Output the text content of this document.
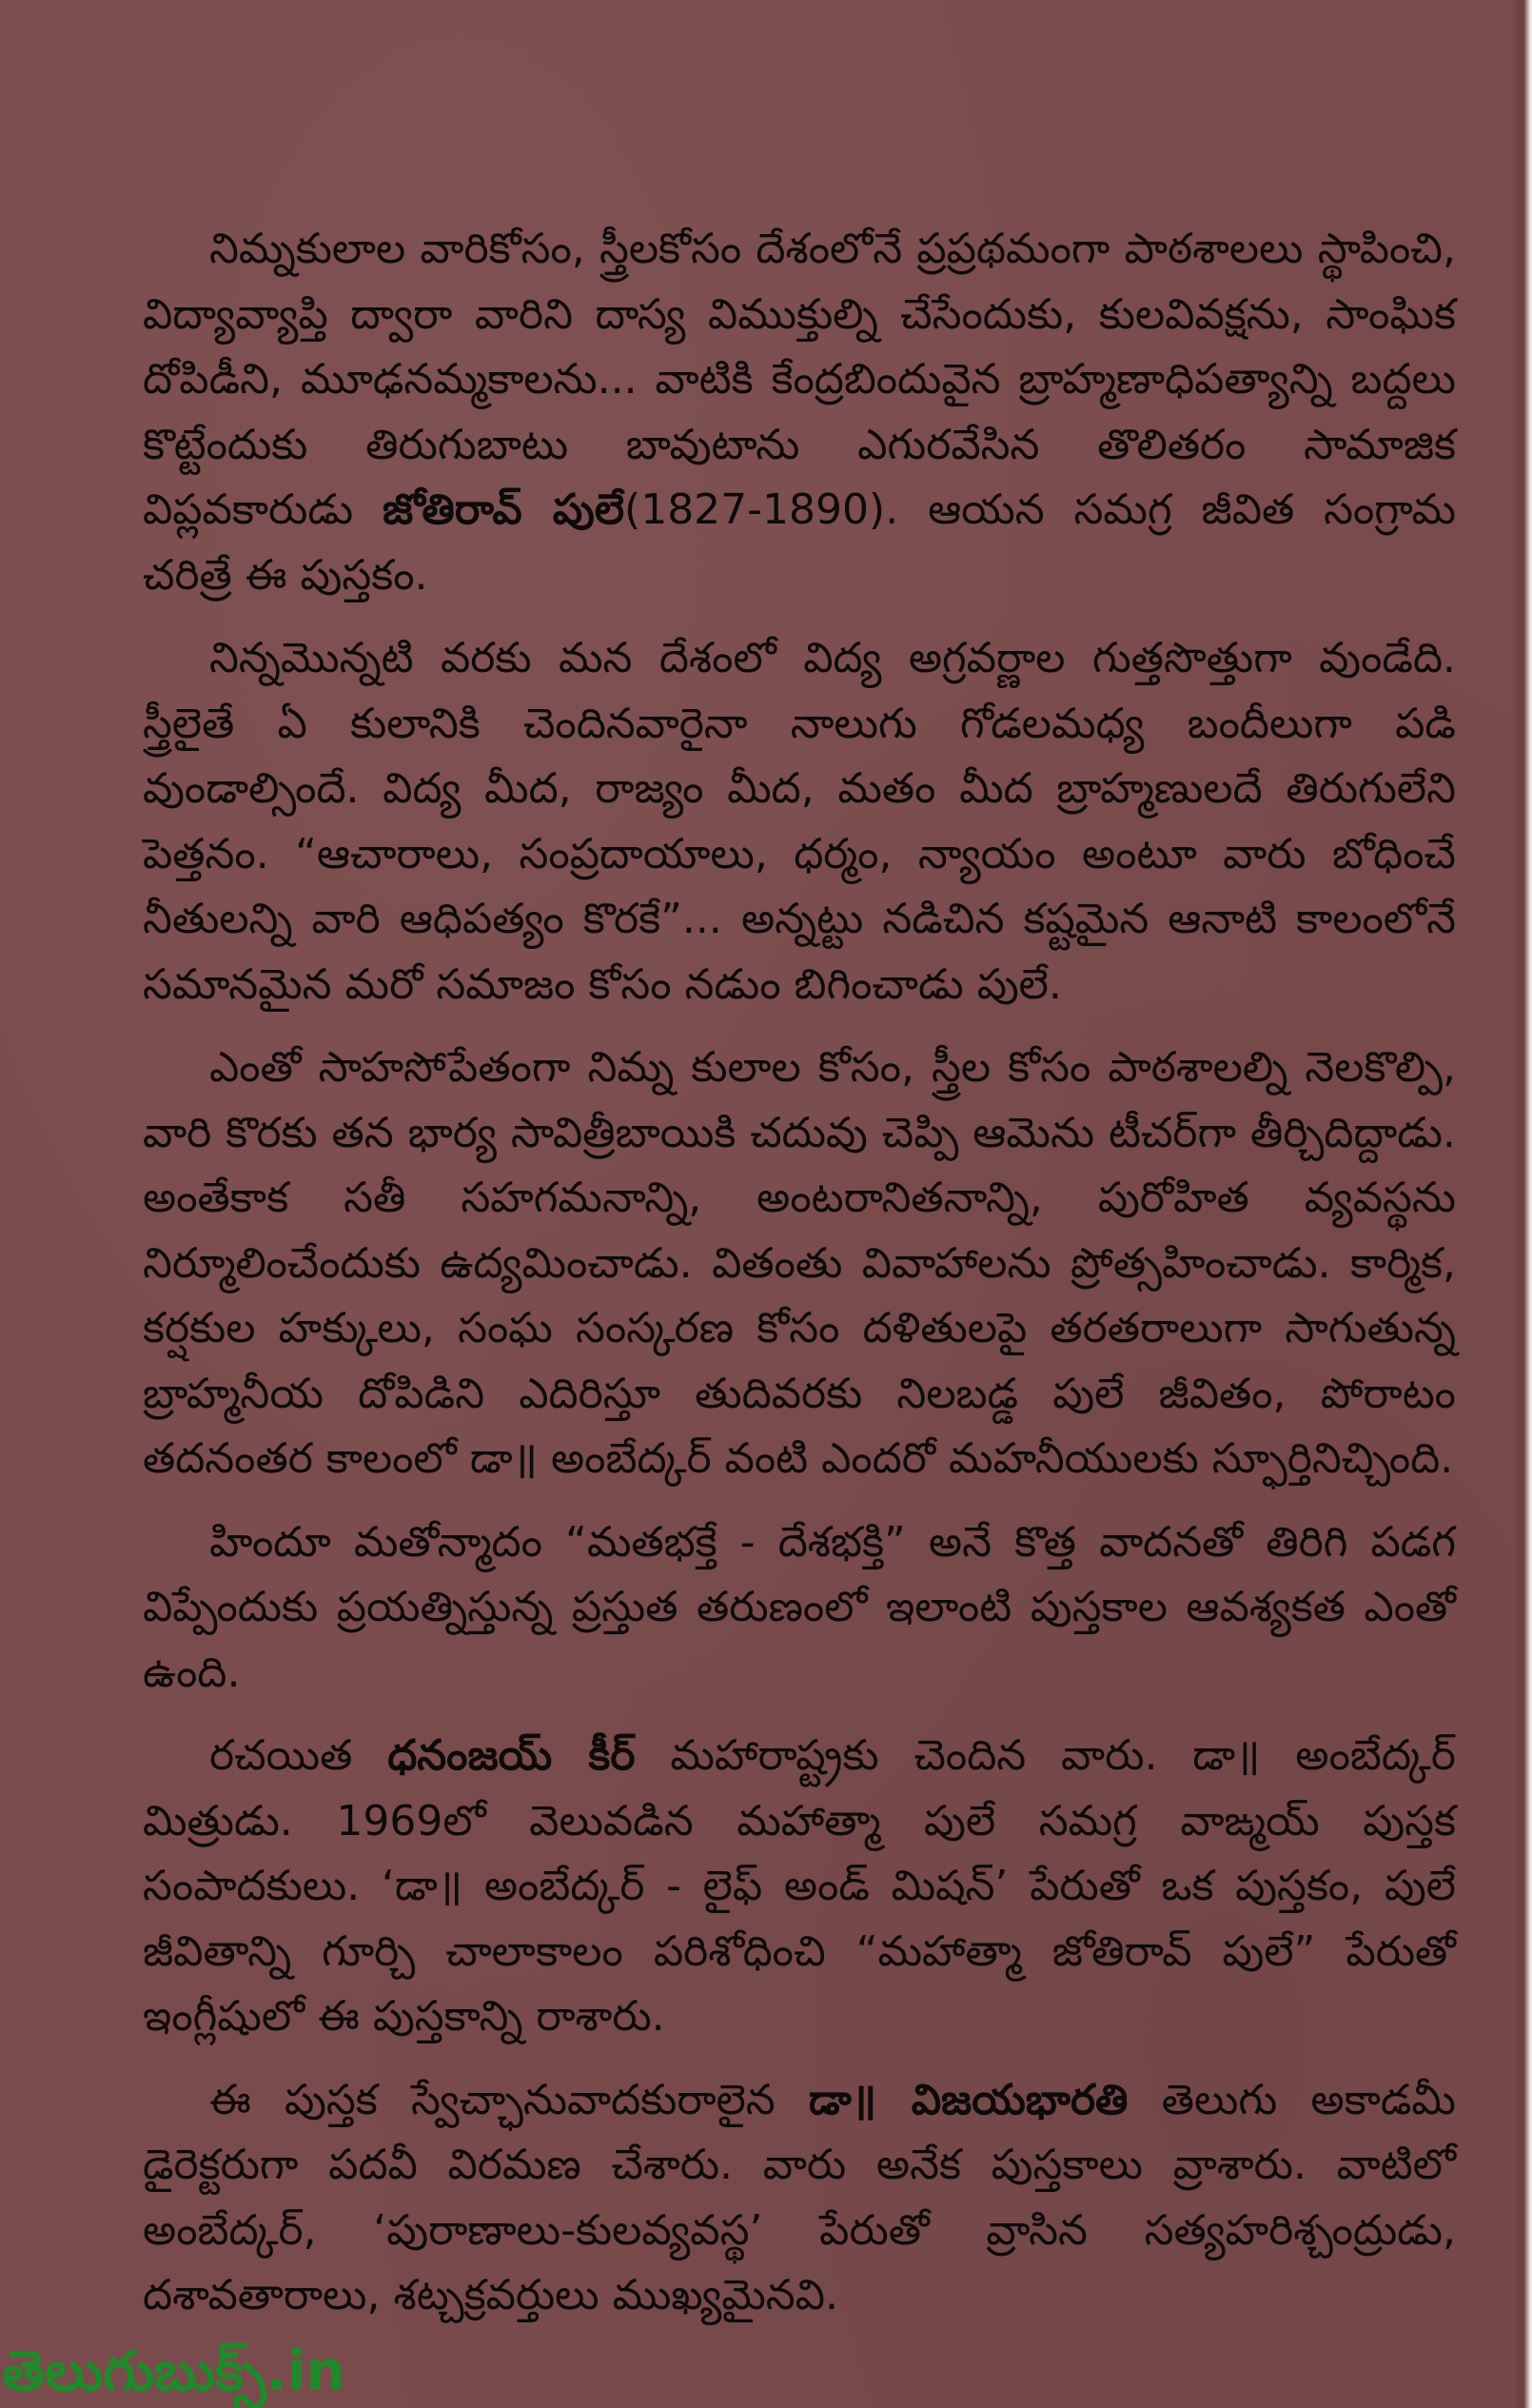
నిమ్నకులాల వారికోసం, స్త్రీలకోసం దేశంలోనే ప్రప్రథమంగా పాఠశాలలు స్థాపించి, విద్యావ్యాప్తి ద్వారా వారిని దాస్య విముక్తుల్ని చేసేందుకు, కులవివక్షను, సాంఘిక దోపిడీని, మూఢనమ్మకాలను... వాటికి కేంద్రబిందువైన బ్రాహ్మణాధిపత్యాన్ని బద్దలు కొట్టేందుకు తిరుగుబాటు బావుటాను ఎగురవేసిన తొలితరం సామాజిక విప్లవకారుడు జోతిరావ్ పులే(1827-1890). ఆయన సమగ్ర జీవిత సంగ్రామ చరిత్రే ఈ పుస్తకం.

నిన్నమొన్నటి వరకు మన దేశంలో విద్య అగ్రవర్ణాల గుత్తసొత్తుగా వుండేది. స్త్రీలైతే ఏ కులానికి చెందినవారైనా నాలుగు గోడలమధ్య బందీలుగా పడి వుండాల్సిందే. విద్య మీద, రాజ్యం మీద, మతం మీద బ్రాహ్మణులదే తిరుగులేని పెత్తనం. “ఆచారాలు, సంప్రదాయాలు, ధర్మం, న్యాయం అంటూ వారు బోధించే నీతులన్ని వారి ఆధిపత్యం కొరకే”... అన్నట్టు నడిచిన కష్టమైన ఆనాటి కాలంలోనే సమానమైన మరో సమాజం కోసం నడుం బిగించాడు పులే.

ఎంతో సాహసోపేతంగా నిమ్న కులాల కోసం, స్త్రీల కోసం పాఠశాలల్ని నెలకొల్పి, వారి కొరకు తన భార్య సావిత్రీబాయికి చదువు చెప్పి ఆమెను టీచర్‌గా తీర్చిదిద్దాడు. అంతేకాక సతీ సహగమనాన్ని, అంటరానితనాన్ని, పురోహిత వ్యవస్థను నిర్మూలించేందుకు ఉద్యమించాడు. వితంతు వివాహాలను ప్రోత్సహించాడు. కార్మిక, కర్షకుల హక్కులు, సంఘ సంస్కరణ కోసం దళితులపై తరతరాలుగా సాగుతున్న బ్రాహ్మనీయ దోపిడిని ఎదిరిస్తూ తుదివరకు నిలబడ్డ పులే జీవితం, పోరాటం తదనంతర కాలంలో డా॥ అంబేద్కర్ వంటి ఎందరో మహనీయులకు స్ఫూర్తినిచ్చింది.

హిందూ మతోన్మాదం “మతభక్తే - దేశభక్తి” అనే కొత్త వాదనతో తిరిగి పడగ విప్పేందుకు ప్రయత్నిస్తున్న ప్రస్తుత తరుణంలో ఇలాంటి పుస్తకాల ఆవశ్యకత ఎంతో ఉంది.

రచయిత ధనంజయ్ కీర్ మహారాష్ట్రకు చెందిన వారు. డా॥ అంబేద్కర్ మిత్రుడు. 1969లో వెలువడిన మహాత్మా పులే సమగ్ర వాఙ్మయ్ పుస్తక సంపాదకులు. ‘డా॥ అంబేద్కర్ - లైఫ్ అండ్ మిషన్’ పేరుతో ఒక పుస్తకం, పులే జీవితాన్ని గూర్చి చాలాకాలం పరిశోధించి “మహాత్మా జోతిరావ్ పులే” పేరుతో ఇంగ్లీషులో ఈ పుస్తకాన్ని రాశారు.

ఈ పుస్తక స్వేచ్ఛానువాదకురాలైన డా॥ విజయభారతి తెలుగు అకాడమీ డైరెక్టరుగా పదవీ విరమణ చేశారు. వారు అనేక పుస్తకాలు వ్రాశారు. వాటిలో అంబేద్కర్, ‘పురాణాలు-కులవ్యవస్థ’ పేరుతో వ్రాసిన సత్యహరిశ్చంద్రుడు, దశావతారాలు, శట్చక్రవర్తులు ముఖ్యమైనవి.

తెలుగుబుక్స్.in
